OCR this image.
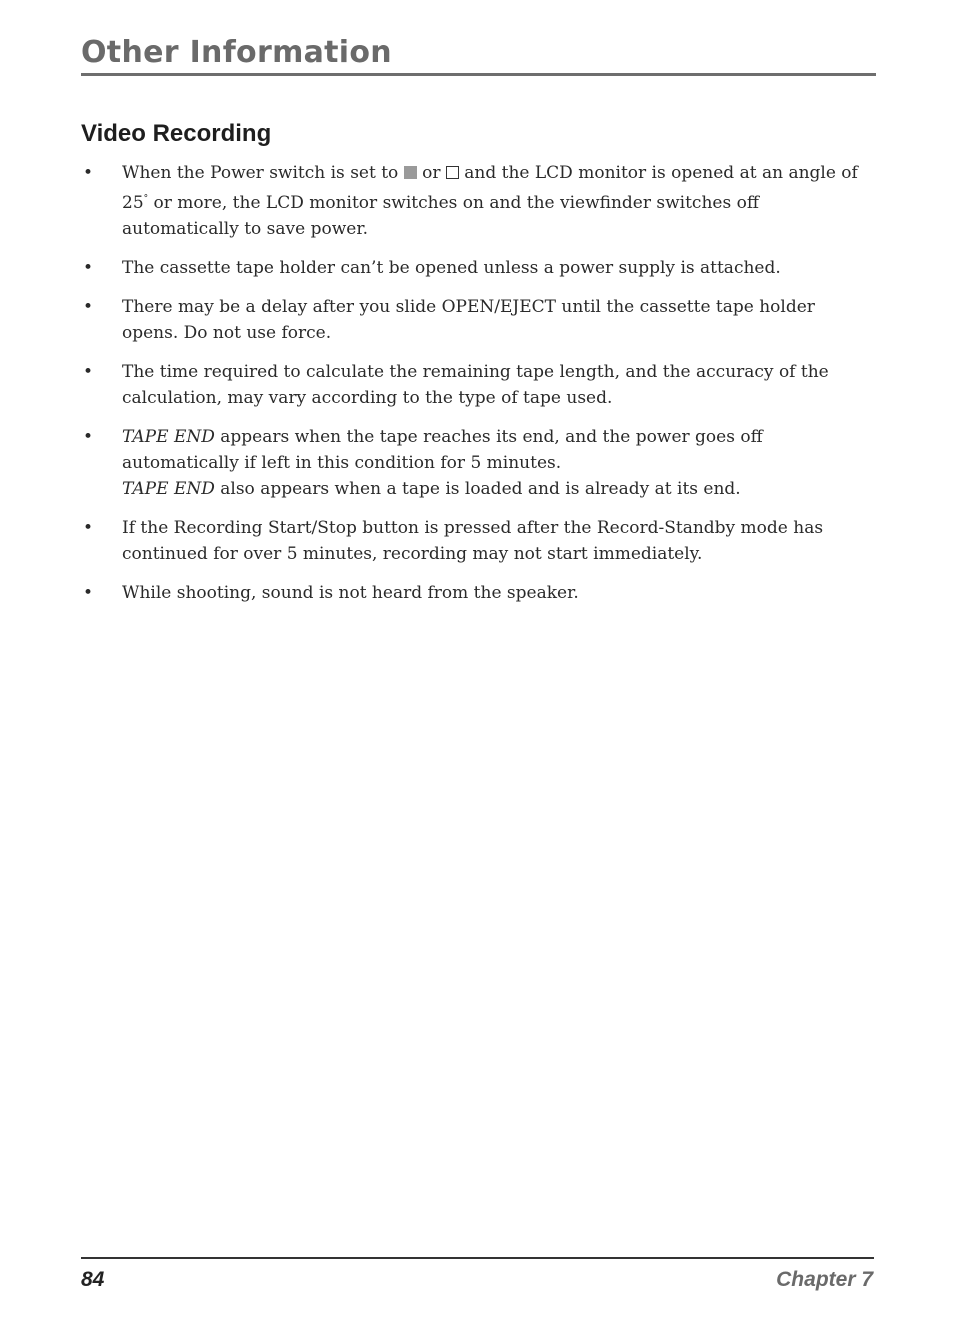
Other Information
Video Recording
• When the Power switch is set to  or  and the LCD monitor is opened at an angle of 25° or more, the LCD monitor switches on and the viewfinder switches off automatically to save power.
• The cassette tape holder can’t be opened unless a power supply is attached.
• There may be a delay after you slide OPEN/EJECT until the cassette tape holder opens. Do not use force.
• The time required to calculate the remaining tape length, and the accuracy of the calculation, may vary according to the type of tape used.
• TAPE END appears when the tape reaches its end, and the power goes off automatically if left in this condition for 5 minutes.
TAPE END also appears when a tape is loaded and is already at its end.
• If the Recording Start/Stop button is pressed after the Record-Standby mode has continued for over 5 minutes, recording may not start immediately.
• While shooting, sound is not heard from the speaker.
84	Chapter 7
